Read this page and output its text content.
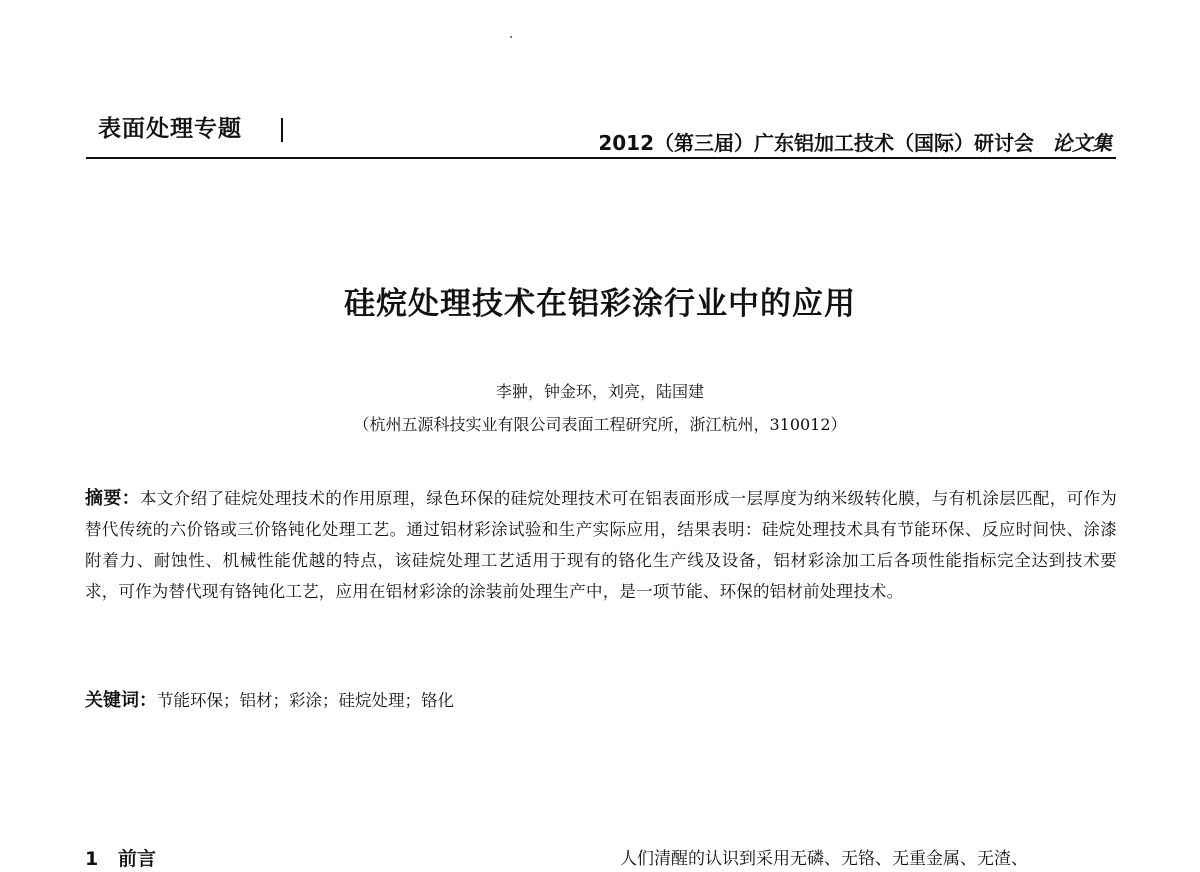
表面处理专题
2012（第三届）广东铝加工技术（国际）研讨会 论文集
硅烷处理技术在铝彩涂行业中的应用
李翀，钟金环，刘亮，陆国建
（杭州五源科技实业有限公司表面工程研究所，浙江杭州，310012）
摘要：本文介绍了硅烷处理技术的作用原理，绿色环保的硅烷处理技术可在铝表面形成一层厚度为纳米级转化膜，与有机涂层匹配，可作为替代传统的六价铬或三价铬钝化处理工艺。通过铝材彩涂试验和生产实际应用，结果表明：硅烷处理技术具有节能环保、反应时间快、涂漆附着力、耐蚀性、机械性能优越的特点，该硅烷处理工艺适用于现有的铬化生产线及设备，铝材彩涂加工后各项性能指标完全达到技术要求，可作为替代现有铬钝化工艺，应用在铝材彩涂的涂装前处理生产中，是一项节能、环保的铝材前处理技术。
关键词：节能环保；铝材；彩涂；硅烷处理；铬化
1 前言	人们清醒的认识到采用无磷、无铬、无重金属、无渣、
